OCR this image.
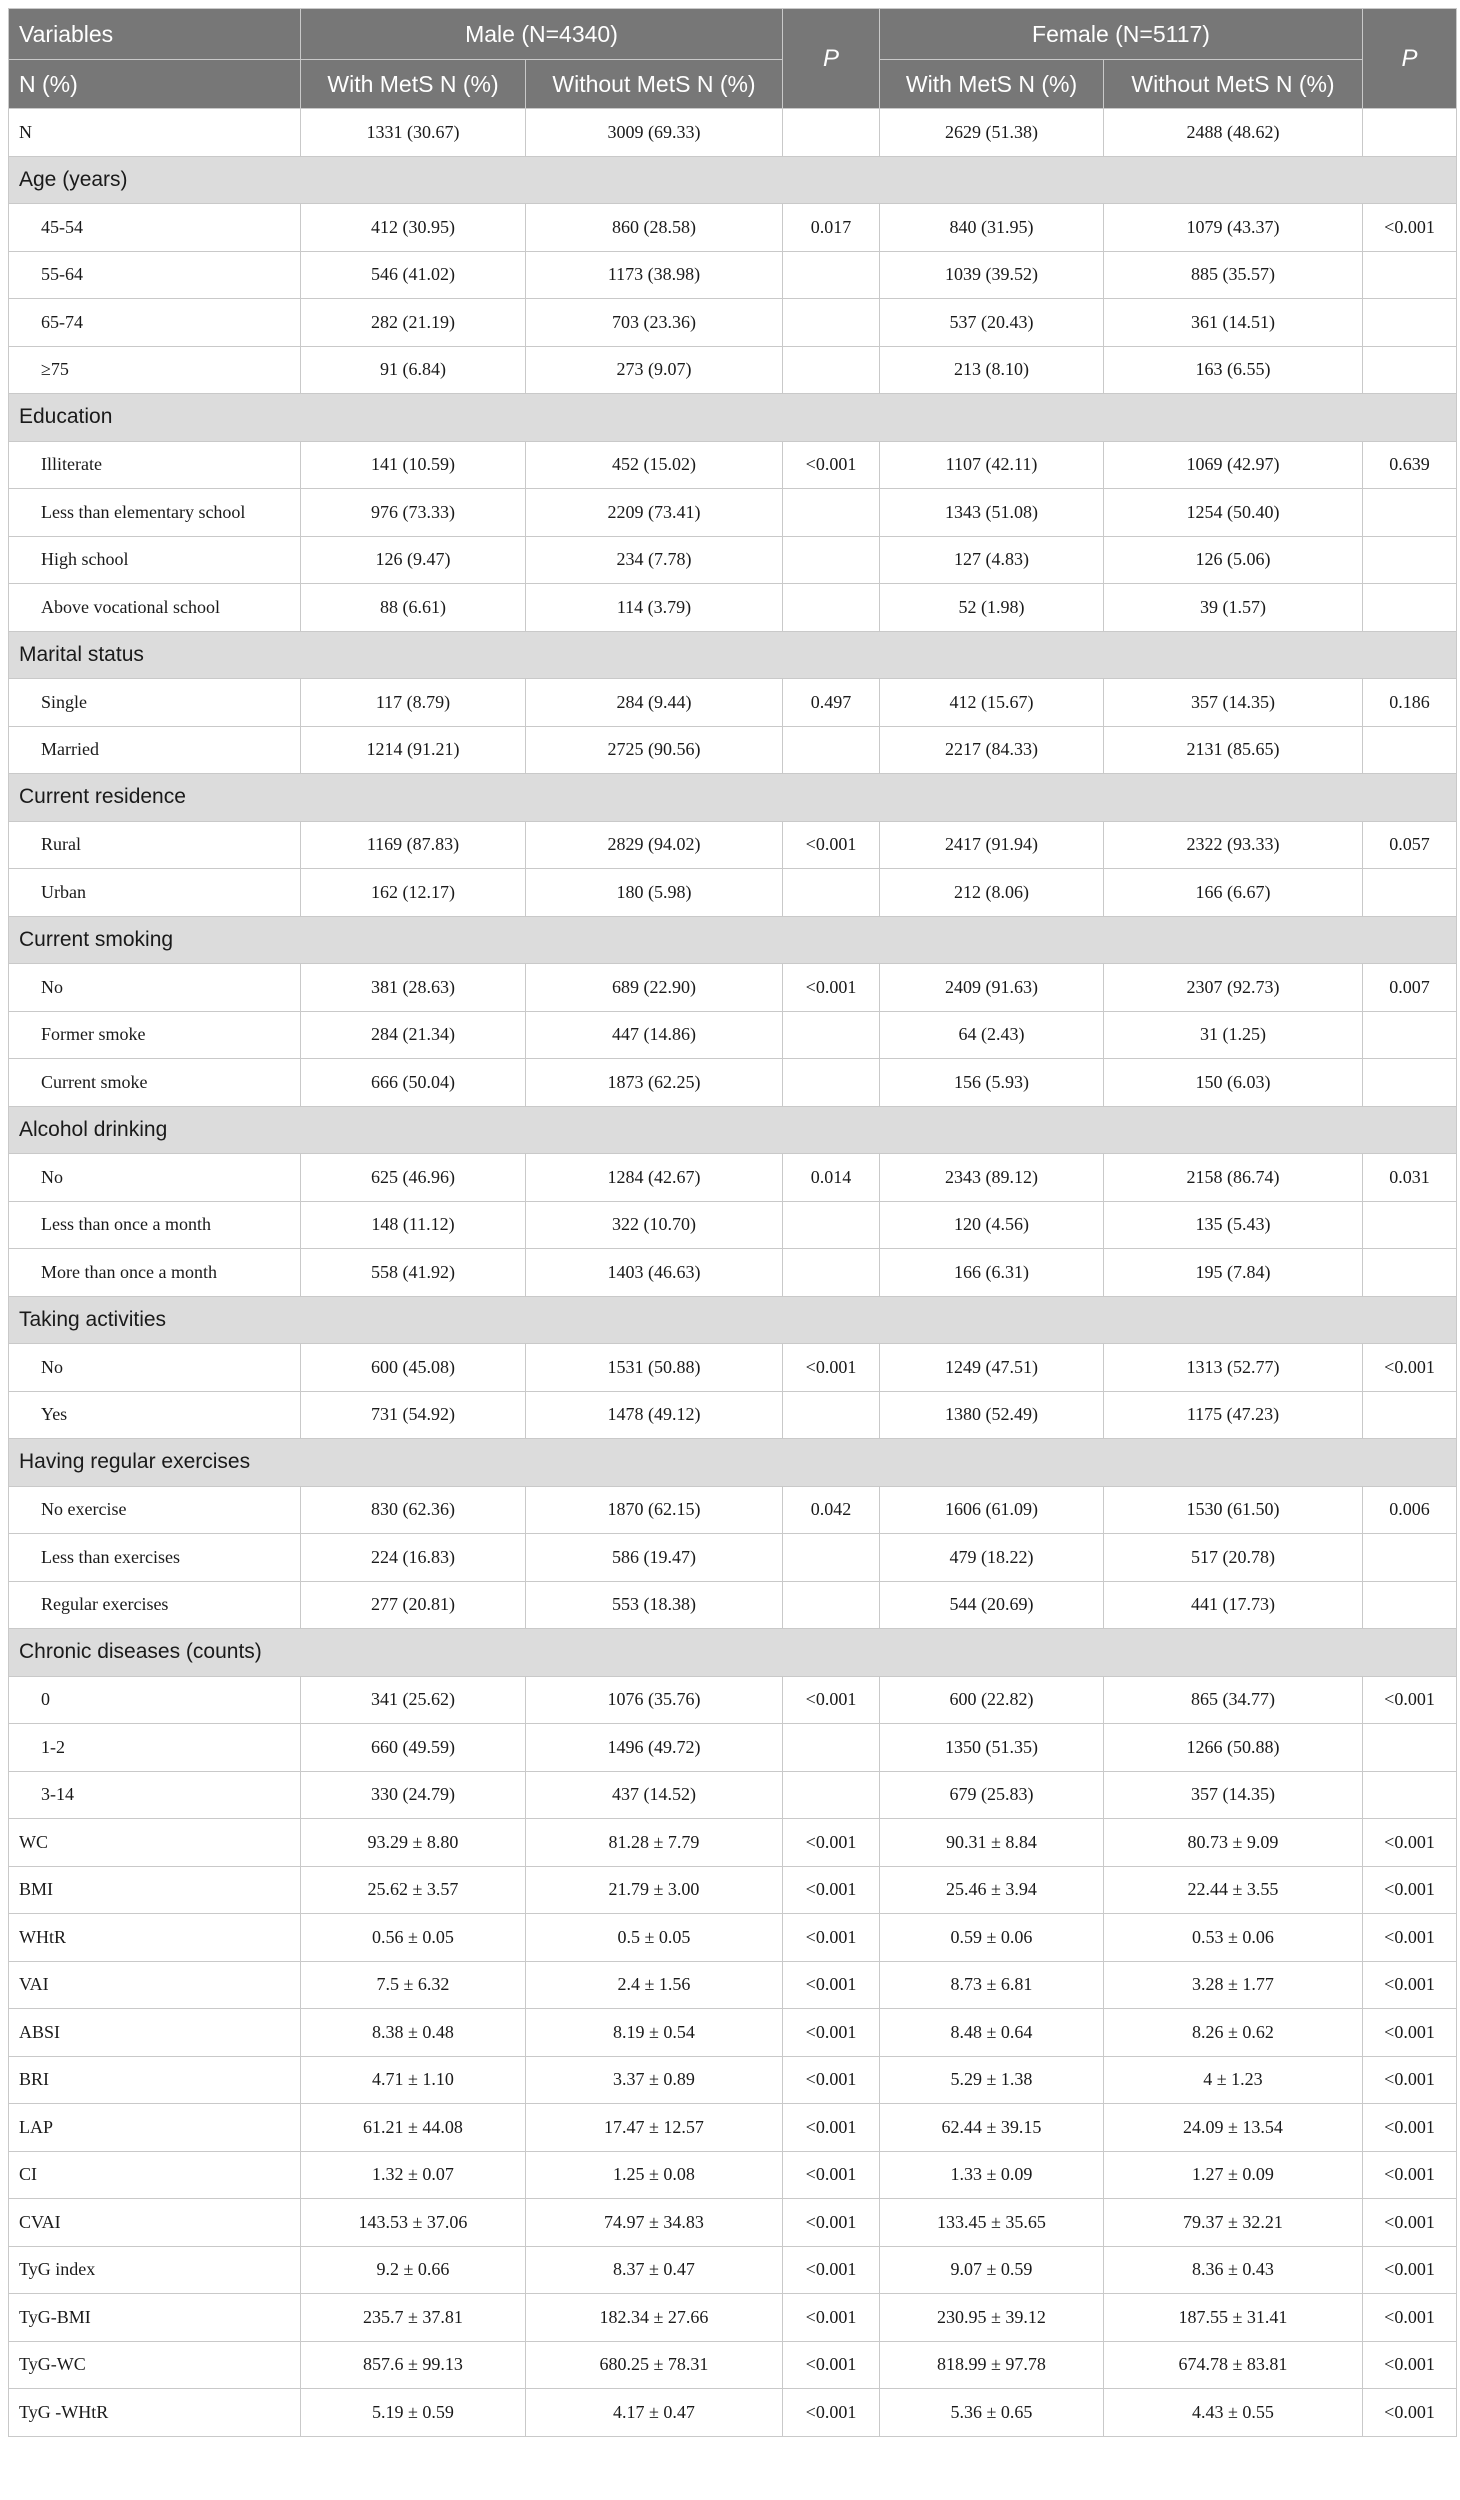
Variables	Male (N=4340)		P	Female (N=5117)		P
N (%)	With MetS N (%)	Without MetS N (%)		With MetS N (%)	Without MetS N (%)	
N	1331 (30.67)	3009 (69.33)		2629 (51.38)	2488 (48.62)	
Age (years)						
45-54	412 (30.95)	860 (28.58)	0.017	840 (31.95)	1079 (43.37)	<0.001
55-64	546 (41.02)	1173 (38.98)		1039 (39.52)	885 (35.57)	
65-74	282 (21.19)	703 (23.36)		537 (20.43)	361 (14.51)	
≥75	91 (6.84)	273 (9.07)		213 (8.10)	163 (6.55)	
Education						
Illiterate	141 (10.59)	452 (15.02)	<0.001	1107 (42.11)	1069 (42.97)	0.639
Less than elementary school	976 (73.33)	2209 (73.41)		1343 (51.08)	1254 (50.40)	
High school	126 (9.47)	234 (7.78)		127 (4.83)	126 (5.06)	
Above vocational school	88 (6.61)	114 (3.79)		52 (1.98)	39 (1.57)	
Marital status						
Single	117 (8.79)	284 (9.44)	0.497	412 (15.67)	357 (14.35)	0.186
Married	1214 (91.21)	2725 (90.56)		2217 (84.33)	2131 (85.65)	
Current residence						
Rural	1169 (87.83)	2829 (94.02)	<0.001	2417 (91.94)	2322 (93.33)	0.057
Urban	162 (12.17)	180 (5.98)		212 (8.06)	166 (6.67)	
Current smoking						
No	381 (28.63)	689 (22.90)	<0.001	2409 (91.63)	2307 (92.73)	0.007
Former smoke	284 (21.34)	447 (14.86)		64 (2.43)	31 (1.25)	
Current smoke	666 (50.04)	1873 (62.25)		156 (5.93)	150 (6.03)	
Alcohol drinking						
No	625 (46.96)	1284 (42.67)	0.014	2343 (89.12)	2158 (86.74)	0.031
Less than once a month	148 (11.12)	322 (10.70)		120 (4.56)	135 (5.43)	
More than once a month	558 (41.92)	1403 (46.63)		166 (6.31)	195 (7.84)	
Taking activities						
No	600 (45.08)	1531 (50.88)	<0.001	1249 (47.51)	1313 (52.77)	<0.001
Yes	731 (54.92)	1478 (49.12)		1380 (52.49)	1175 (47.23)	
Having regular exercises						
No exercise	830 (62.36)	1870 (62.15)	0.042	1606 (61.09)	1530 (61.50)	0.006
Less than exercises	224 (16.83)	586 (19.47)		479 (18.22)	517 (20.78)	
Regular exercises	277 (20.81)	553 (18.38)		544 (20.69)	441 (17.73)	
Chronic diseases (counts)						
0	341 (25.62)	1076 (35.76)	<0.001	600 (22.82)	865 (34.77)	<0.001
1-2	660 (49.59)	1496 (49.72)		1350 (51.35)	1266 (50.88)	
3-14	330 (24.79)	437 (14.52)		679 (25.83)	357 (14.35)	
WC	93.29 ± 8.80	81.28 ± 7.79	<0.001	90.31 ± 8.84	80.73 ± 9.09	<0.001
BMI	25.62 ± 3.57	21.79 ± 3.00	<0.001	25.46 ± 3.94	22.44 ± 3.55	<0.001
WHtR	0.56 ± 0.05	0.5 ± 0.05	<0.001	0.59 ± 0.06	0.53 ± 0.06	<0.001
VAI	7.5 ± 6.32	2.4 ± 1.56	<0.001	8.73 ± 6.81	3.28 ± 1.77	<0.001
ABSI	8.38 ± 0.48	8.19 ± 0.54	<0.001	8.48 ± 0.64	8.26 ± 0.62	<0.001
BRI	4.71 ± 1.10	3.37 ± 0.89	<0.001	5.29 ± 1.38	4 ± 1.23	<0.001
LAP	61.21 ± 44.08	17.47 ± 12.57	<0.001	62.44 ± 39.15	24.09 ± 13.54	<0.001
CI	1.32 ± 0.07	1.25 ± 0.08	<0.001	1.33 ± 0.09	1.27 ± 0.09	<0.001
CVAI	143.53 ± 37.06	74.97 ± 34.83	<0.001	133.45 ± 35.65	79.37 ± 32.21	<0.001
TyG index	9.2 ± 0.66	8.37 ± 0.47	<0.001	9.07 ± 0.59	8.36 ± 0.43	<0.001
TyG-BMI	235.7 ± 37.81	182.34 ± 27.66	<0.001	230.95 ± 39.12	187.55 ± 31.41	<0.001
TyG-WC	857.6 ± 99.13	680.25 ± 78.31	<0.001	818.99 ± 97.78	674.78 ± 83.81	<0.001
TyG -WHtR	5.19 ± 0.59	4.17 ± 0.47	<0.001	5.36 ± 0.65	4.43 ± 0.55	<0.001
